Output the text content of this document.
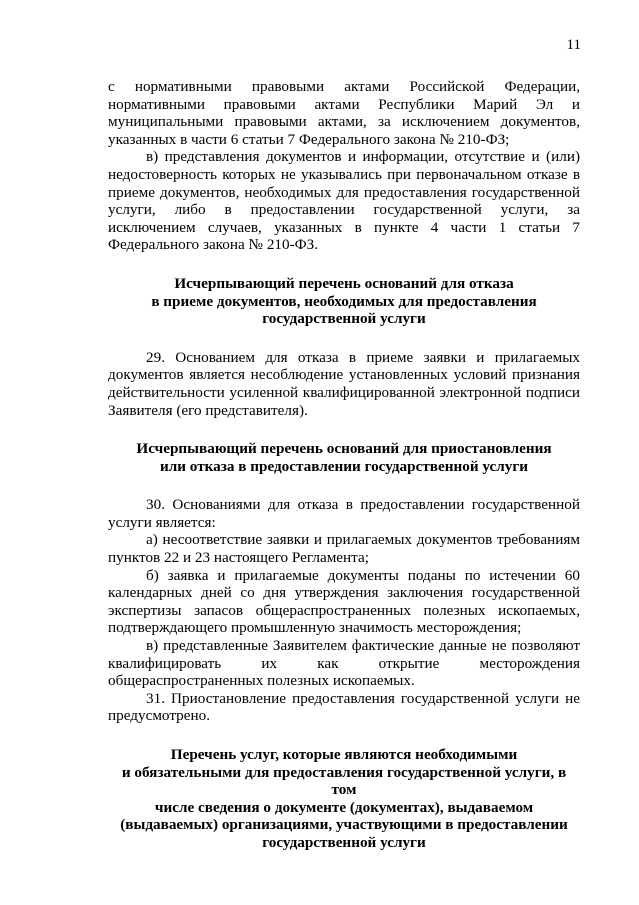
11

с нормативными правовыми актами Российской Федерации, нормативными правовыми актами Республики Марий Эл и муниципальными правовыми актами, за исключением документов, указанных в части 6 статьи 7 Федерального закона № 210-ФЗ;

в) представления документов и информации, отсутствие и (или) недостоверность которых не указывались при первоначальном отказе в приеме документов, необходимых для предоставления государственной услуги, либо в предоставлении государственной услуги, за исключением случаев, указанных в пункте 4 части 1 статьи 7 Федерального закона № 210-ФЗ.

Исчерпывающий перечень оснований для отказа
в приеме документов, необходимых для предоставления
государственной услуги

29. Основанием для отказа в приеме заявки и прилагаемых документов является несоблюдение установленных условий признания действительности усиленной квалифицированной электронной подписи Заявителя (его представителя).

Исчерпывающий перечень оснований для приостановления
или отказа в предоставлении государственной услуги

30. Основаниями для отказа в предоставлении государственной услуги является:

а) несоответствие заявки и прилагаемых документов требованиям пунктов 22 и 23 настоящего Регламента;

б) заявка и прилагаемые документы поданы по истечении 60 календарных дней со дня утверждения заключения государственной экспертизы запасов общераспространенных полезных ископаемых, подтверждающего промышленную значимость месторождения;

в) представленные Заявителем фактические данные не позволяют квалифицировать их как открытие месторождения общераспространенных полезных ископаемых.

31. Приостановление предоставления государственной услуги не предусмотрено.

Перечень услуг, которые являются необходимыми
и обязательными для предоставления государственной услуги, в том
числе сведения о документе (документах), выдаваемом
(выдаваемых) организациями, участвующими в предоставлении
государственной услуги
